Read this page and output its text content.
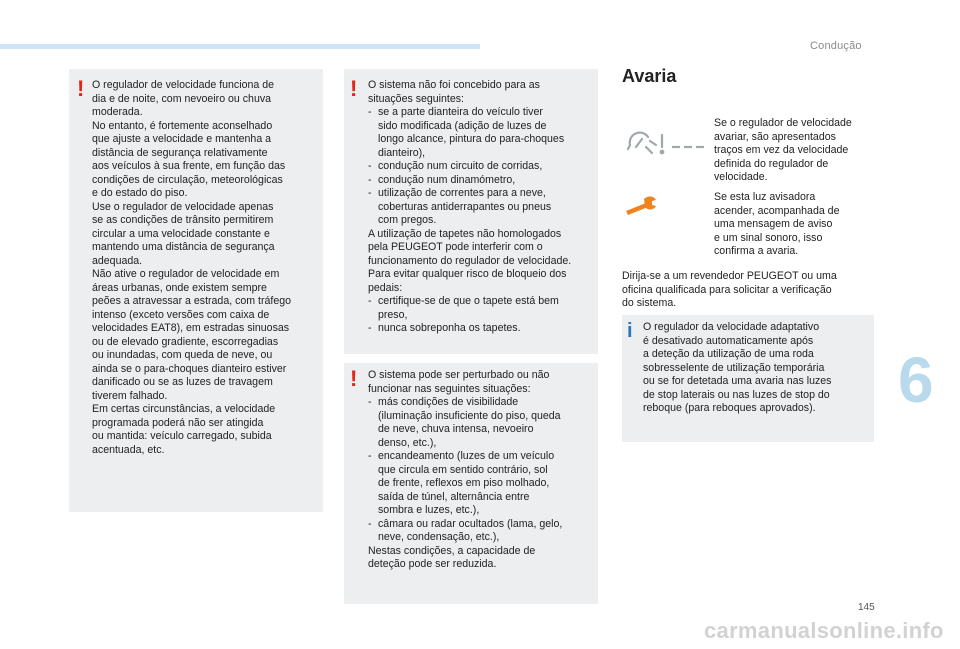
Condução
! O regulador de velocidade funciona de

dia e de noite, com nevoeiro ou chuva

moderada.

No entanto, é fortemente aconselhado

que ajuste a velocidade e mantenha a

distância de segurança relativamente

aos veículos à sua frente, em função das

condições de circulação, meteorológicas

e do estado do piso.

Use o regulador de velocidade apenas

se as condições de trânsito permitirem

circular a uma velocidade constante e

mantendo uma distância de segurança

adequada.

Não ative o regulador de velocidade em

áreas urbanas, onde existem sempre

peões a atravessar a estrada, com tráfego

intenso (exceto versões com caixa de

velocidades EAT8), em estradas sinuosas

ou de elevado gradiente, escorregadias

ou inundadas, com queda de neve, ou

ainda se o para-choques dianteiro estiver

danificado ou se as luzes de travagem

tiverem falhado.

Em certas circunstâncias, a velocidade

programada poderá não ser atingida

ou mantida: veículo carregado, subida

acentuada, etc.

! O sistema não foi concebido para as

situações seguintes:

- se a parte dianteira do veículo tiver

sido modificada (adição de luzes de

longo alcance, pintura do para-choques

dianteiro),

- condução num circuito de corridas,

- condução num dinamómetro,

- utilização de correntes para a neve,

coberturas antiderrapantes ou pneus

com pregos.

A utilização de tapetes não homologados

pela PEUGEOT pode interferir com o

funcionamento do regulador de velocidade.

Para evitar qualquer risco de bloqueio dos

pedais:

- certifique-se de que o tapete está bem

preso,

- nunca sobreponha os tapetes.

! O sistema pode ser perturbado ou não

funcionar nas seguintes situações:

- más condições de visibilidade

(iluminação insuficiente do piso, queda

de neve, chuva intensa, nevoeiro

denso, etc.),

- encandeamento (luzes de um veículo

que circula em sentido contrário, sol

de frente, reflexos em piso molhado,

saída de túnel, alternância entre

sombra e luzes, etc.),

- câmara ou radar ocultados (lama, gelo,

neve, condensação, etc.),

Nestas condições, a capacidade de

deteção pode ser reduzida.

Avaria

Se o regulador de velocidade

avariar, são apresentados

traços em vez da velocidade

definida do regulador de

velocidade.

Se esta luz avisadora

acender, acompanhada de

uma mensagem de aviso

e um sinal sonoro, isso

confirma a avaria.

Dirija-se a um revendedor PEUGEOT ou uma

oficina qualificada para solicitar a verificação

do sistema.

i O regulador da velocidade adaptativo

é desativado automaticamente após

a deteção da utilização de uma roda

sobresselente de utilização temporária

ou se for detetada uma avaria nas luzes

de stop laterais ou nas luzes de stop do

reboque (para reboques aprovados).	6
145
carmanualsonline.info
